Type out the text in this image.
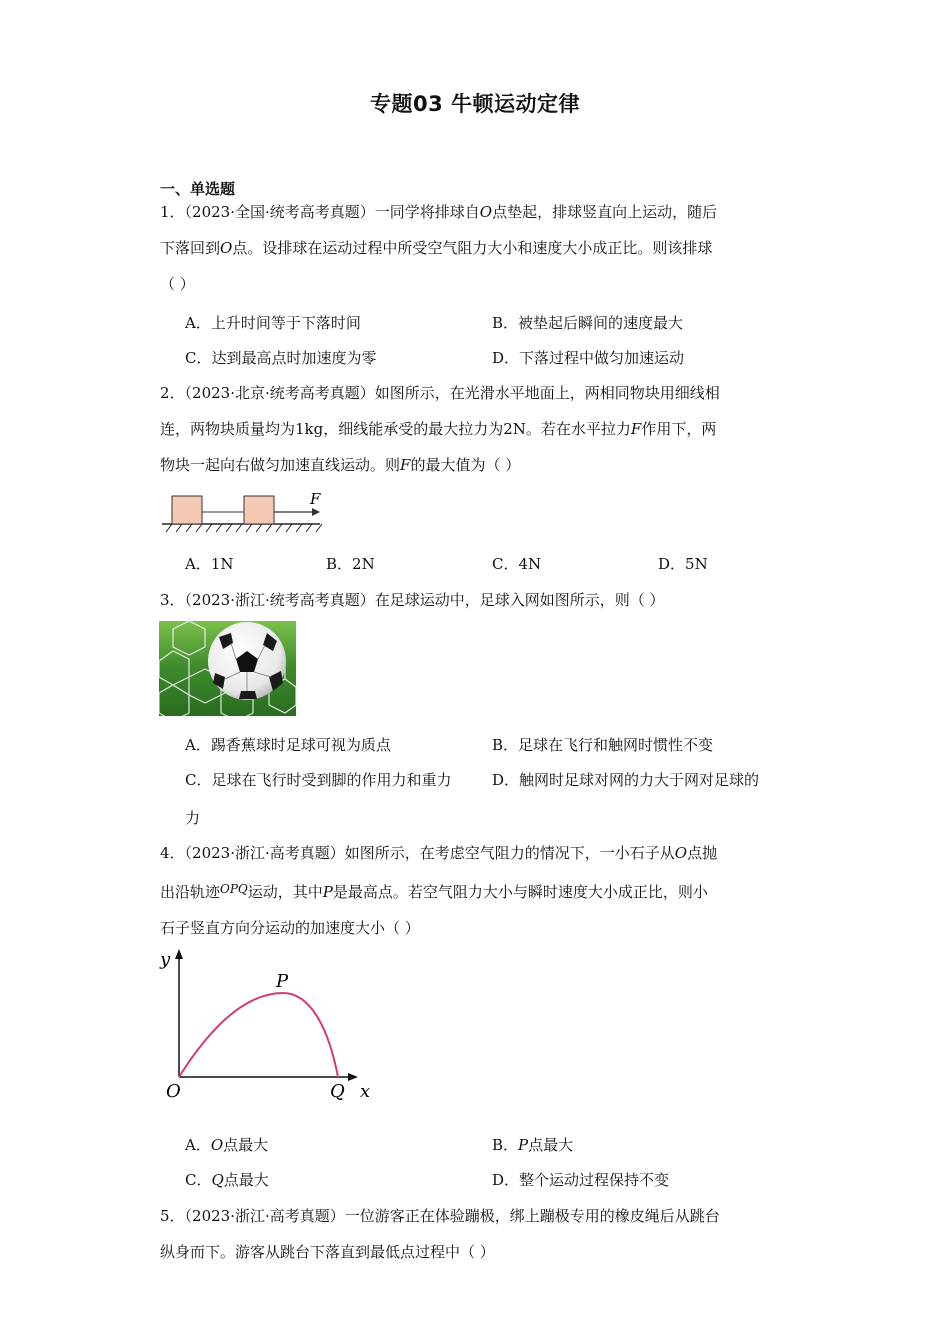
专题03 牛顿运动定律
一、单选题
1．（2023·全国·统考高考真题）一同学将排球自O点垫起，排球竖直向上运动，随后
下落回到O点。设排球在运动过程中所受空气阻力大小和速度大小成正比。则该排球
（ ）
A．上升时间等于下落时间	B．被垫起后瞬间的速度最大
C．达到最高点时加速度为零	D．下落过程中做匀加速运动
2．（2023·北京·统考高考真题）如图所示，在光滑水平地面上，两相同物块用细线相
连，两物块质量均为1kg，细线能承受的最大拉力为2N。若在水平拉力F作用下，两
物块一起向右做匀加速直线运动。则F的最大值为（ ）
F
A．1N	B．2N	C．4N	D．5N
3．（2023·浙江·统考高考真题）在足球运动中，足球入网如图所示，则（ ）
A．踢香蕉球时足球可视为质点	B．足球在飞行和触网时惯性不变
C．足球在飞行时受到脚的作用力和重力	D．触网时足球对网的力大于网对足球的
力
4．（2023·浙江·高考真题）如图所示，在考虑空气阻力的情况下，一小石子从O点抛
出沿轨迹$^{OPQ}$运动，其中P是最高点。若空气阻力大小与瞬时速度大小成正比，则小
石子竖直方向分运动的加速度大小（ ）
y
x
O
P
Q
A．O点最大	B．P点最大
C．Q点最大	D．整个运动过程保持不变
5．（2023·浙江·高考真题）一位游客正在体验蹦极，绑上蹦极专用的橡皮绳后从跳台
纵身而下。游客从跳台下落直到最低点过程中（ ）
